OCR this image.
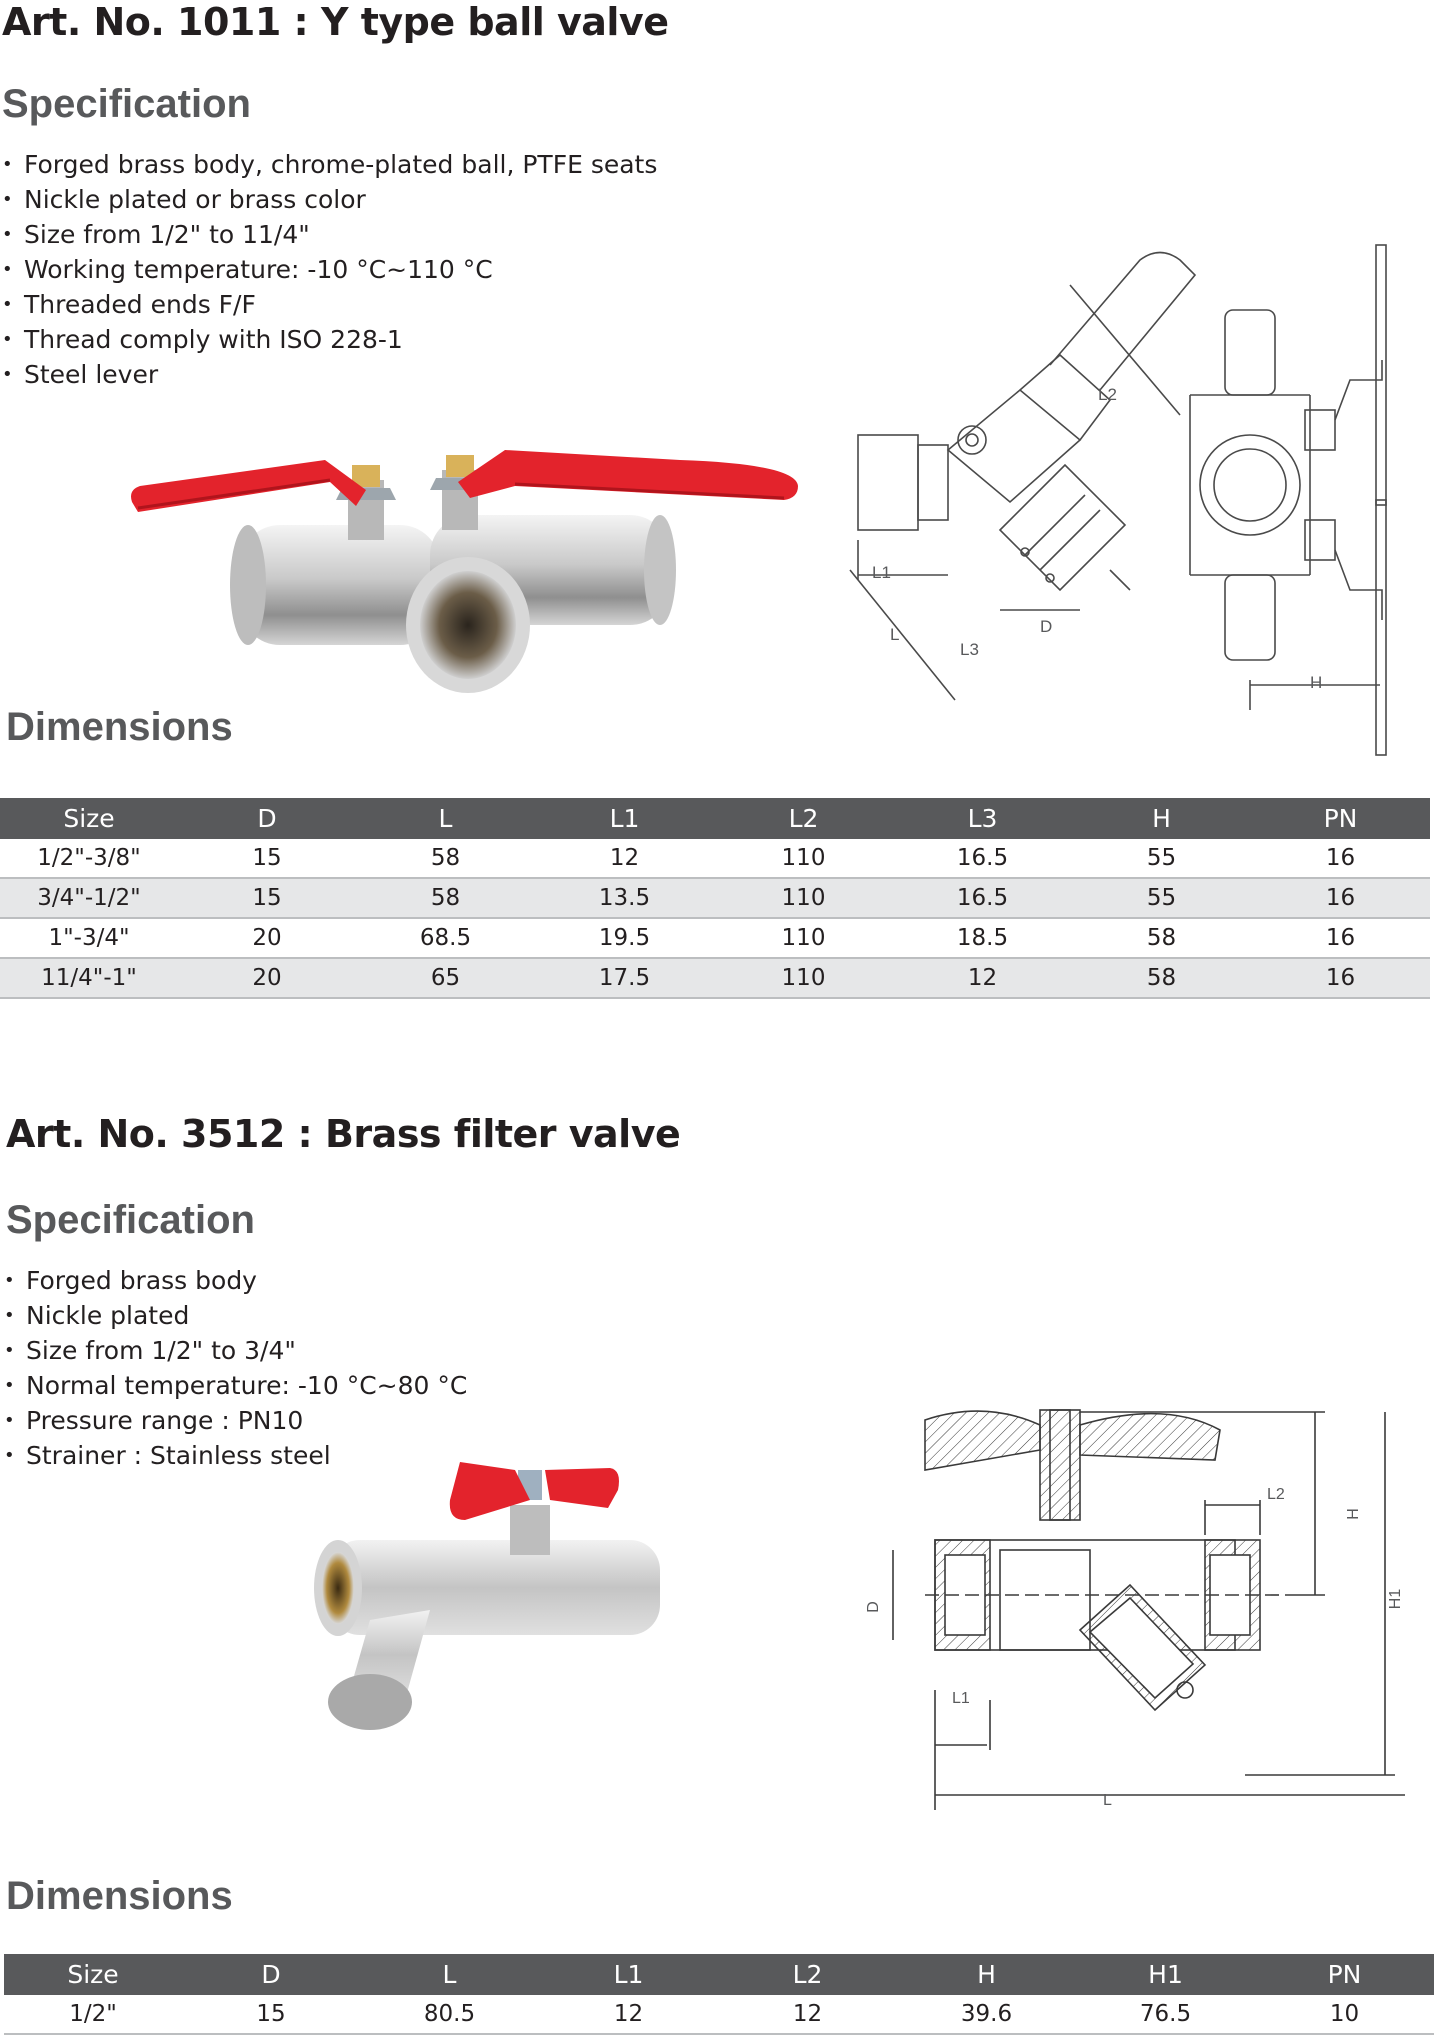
Art. No. 1011 : Y type ball valve
Specification
• Forged brass body, chrome-plated ball, PTFE seats
• Nickle plated or brass color
• Size from 1/2" to 11/4"
• Working temperature: -10 °C~110 °C
• Threaded ends F/F
• Thread comply with ISO 228-1
• Steel lever
L1
L
L2
L3
D
H
Dimensions
Size	D	L	L1	L2	L3	H	PN
1/2"-3/8"	15	58	12	110	16.5	55	16
3/4"-1/2"	15	58	13.5	110	16.5	55	16
1"-3/4"	20	68.5	19.5	110	18.5	58	16
11/4"-1"	20	65	17.5	110	12	58	16
Art. No. 3512 : Brass filter valve
Specification
• Forged brass body
• Nickle plated
• Size from 1/2" to 3/4"
• Normal temperature: -10 °C~80 °C
• Pressure range : PN10
• Strainer : Stainless steel
D
L1
L
L2
H
H1
Dimensions
Size	D	L	L1	L2	H	H1	PN
1/2"	15	80.5	12	12	39.6	76.5	10
